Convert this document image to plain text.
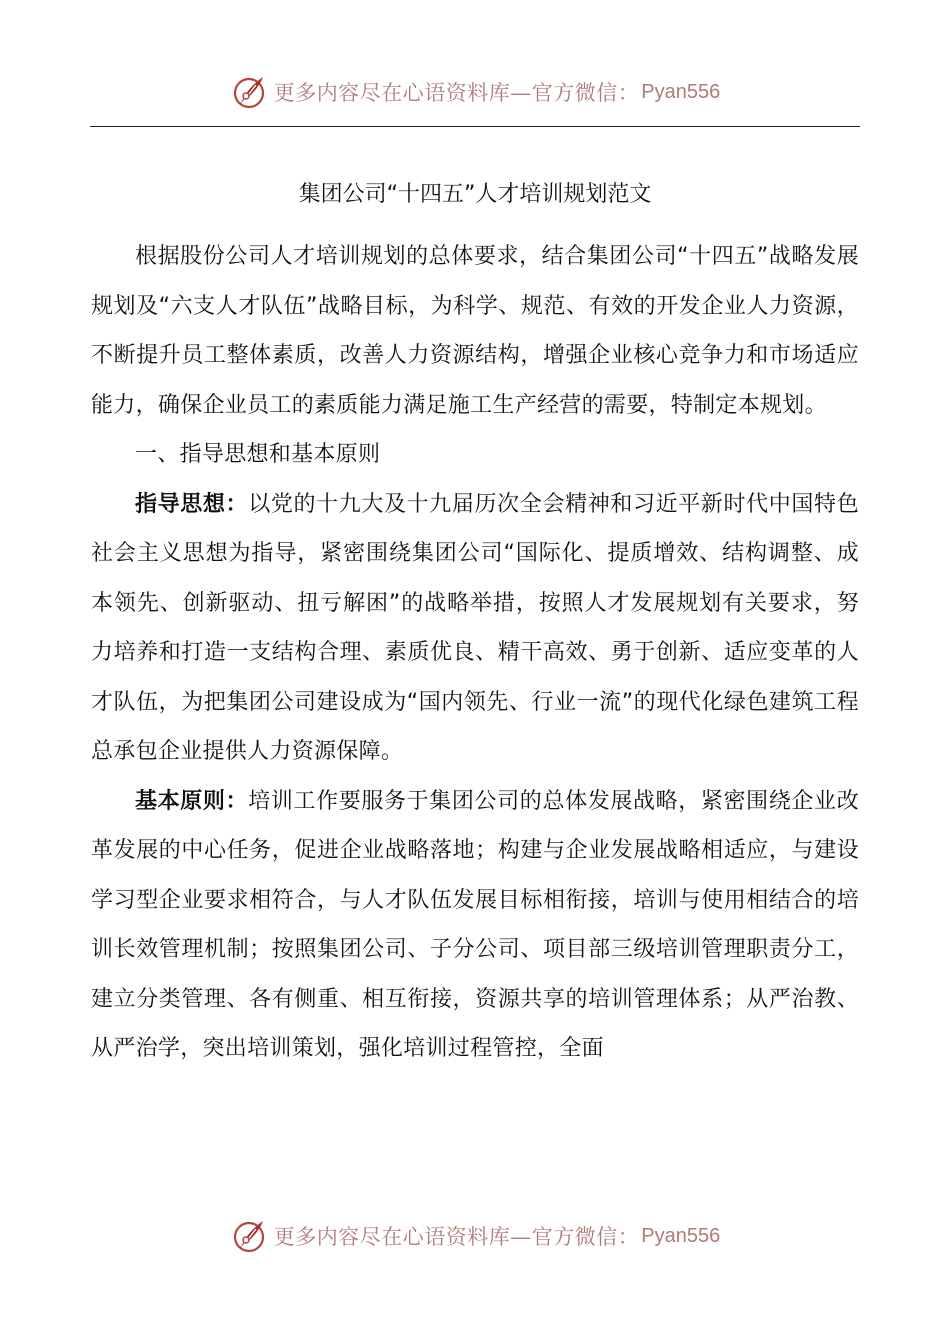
更多内容尽在心语资料库—官方微信： Pyan556
集团公司“十四五”人才培训规划范文

根据股份公司人才培训规划的总体要求，结合集团公司“十四五”战略发展规划及“六支人才队伍”战略目标，为科学、规范、有效的开发企业人力资源，不断提升员工整体素质，改善人力资源结构，增强企业核心竞争力和市场适应能力，确保企业员工的素质能力满足施工生产经营的需要，特制定本规划。

一、指导思想和基本原则

指导思想：以党的十九大及十九届历次全会精神和习近平新时代中国特色社会主义思想为指导，紧密围绕集团公司“国际化、提质增效、结构调整、成本领先、创新驱动、扭亏解困”的战略举措，按照人才发展规划有关要求，努力培养和打造一支结构合理、素质优良、精干高效、勇于创新、适应变革的人才队伍，为把集团公司建设成为“国内领先、行业一流”的现代化绿色建筑工程总承包企业提供人力资源保障。

基本原则：培训工作要服务于集团公司的总体发展战略，紧密围绕企业改革发展的中心任务，促进企业战略落地；构建与企业发展战略相适应，与建设学习型企业要求相符合，与人才队伍发展目标相衔接，培训与使用相结合的培训长效管理机制；按照集团公司、子分公司、项目部三级培训管理职责分工，建立分类管理、各有侧重、相互衔接，资源共享的培训管理体系；从严治教、从严治学，突出培训策划，强化培训过程管控，全面

更多内容尽在心语资料库—官方微信： Pyan556
